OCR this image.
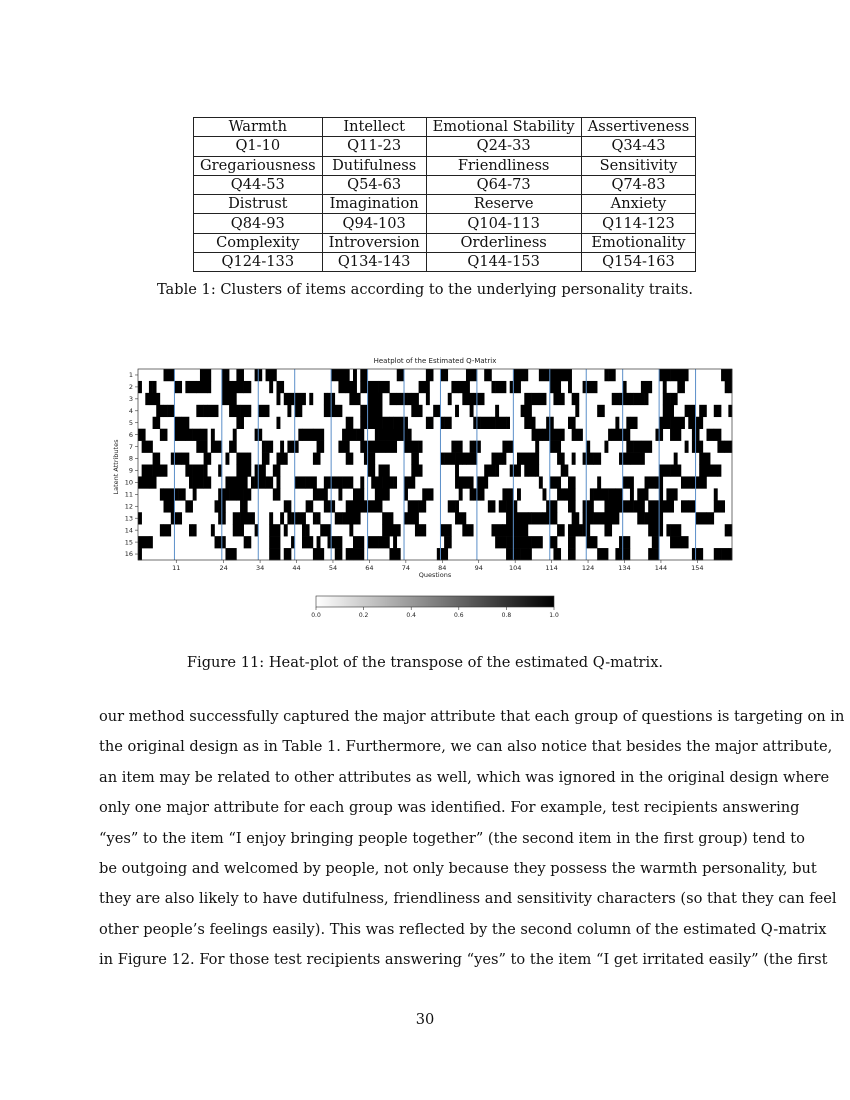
Warmth	Intellect	Emotional Stability	Assertiveness
Q1-10	Q11-23	Q24-33	Q34-43
Gregariousness	Dutifulness	Friendliness	Sensitivity
Q44-53	Q54-63	Q64-73	Q74-83
Distrust	Imagination	Reserve	Anxiety
Q84-93	Q94-103	Q104-113	Q114-123
Complexity	Introversion	Orderliness	Emotionality
Q124-133	Q134-143	Q144-153	Q154-163
Table 1: Clusters of items according to the underlying personality traits.
Heatplot of the Estimated Q-Matrix
Latent Attributes
Questions
1
2
3
4
5
6
7
8
9
10
11
12
13
14
15
16
11	24	34	44	54	64	74	84	94	104	114	124	134	144	154
0.0	0.2	0.4	0.6	0.8	1.0
Figure 11: Heat-plot of the transpose of the estimated Q-matrix.
our method successfully captured the major attribute that each group of questions is targeting on in
the original design as in Table 1. Furthermore, we can also notice that besides the major attribute,
an item may be related to other attributes as well, which was ignored in the original design where
only one major attribute for each group was identified. For example, test recipients answering
“yes” to the item “I enjoy bringing people together” (the second item in the first group) tend to
be outgoing and welcomed by people, not only because they possess the warmth personality, but
they are also likely to have dutifulness, friendliness and sensitivity characters (so that they can feel
other people’s feelings easily). This was reflected by the second column of the estimated Q-matrix
in Figure 12. For those test recipients answering “yes” to the item “I get irritated easily” (the first
30
